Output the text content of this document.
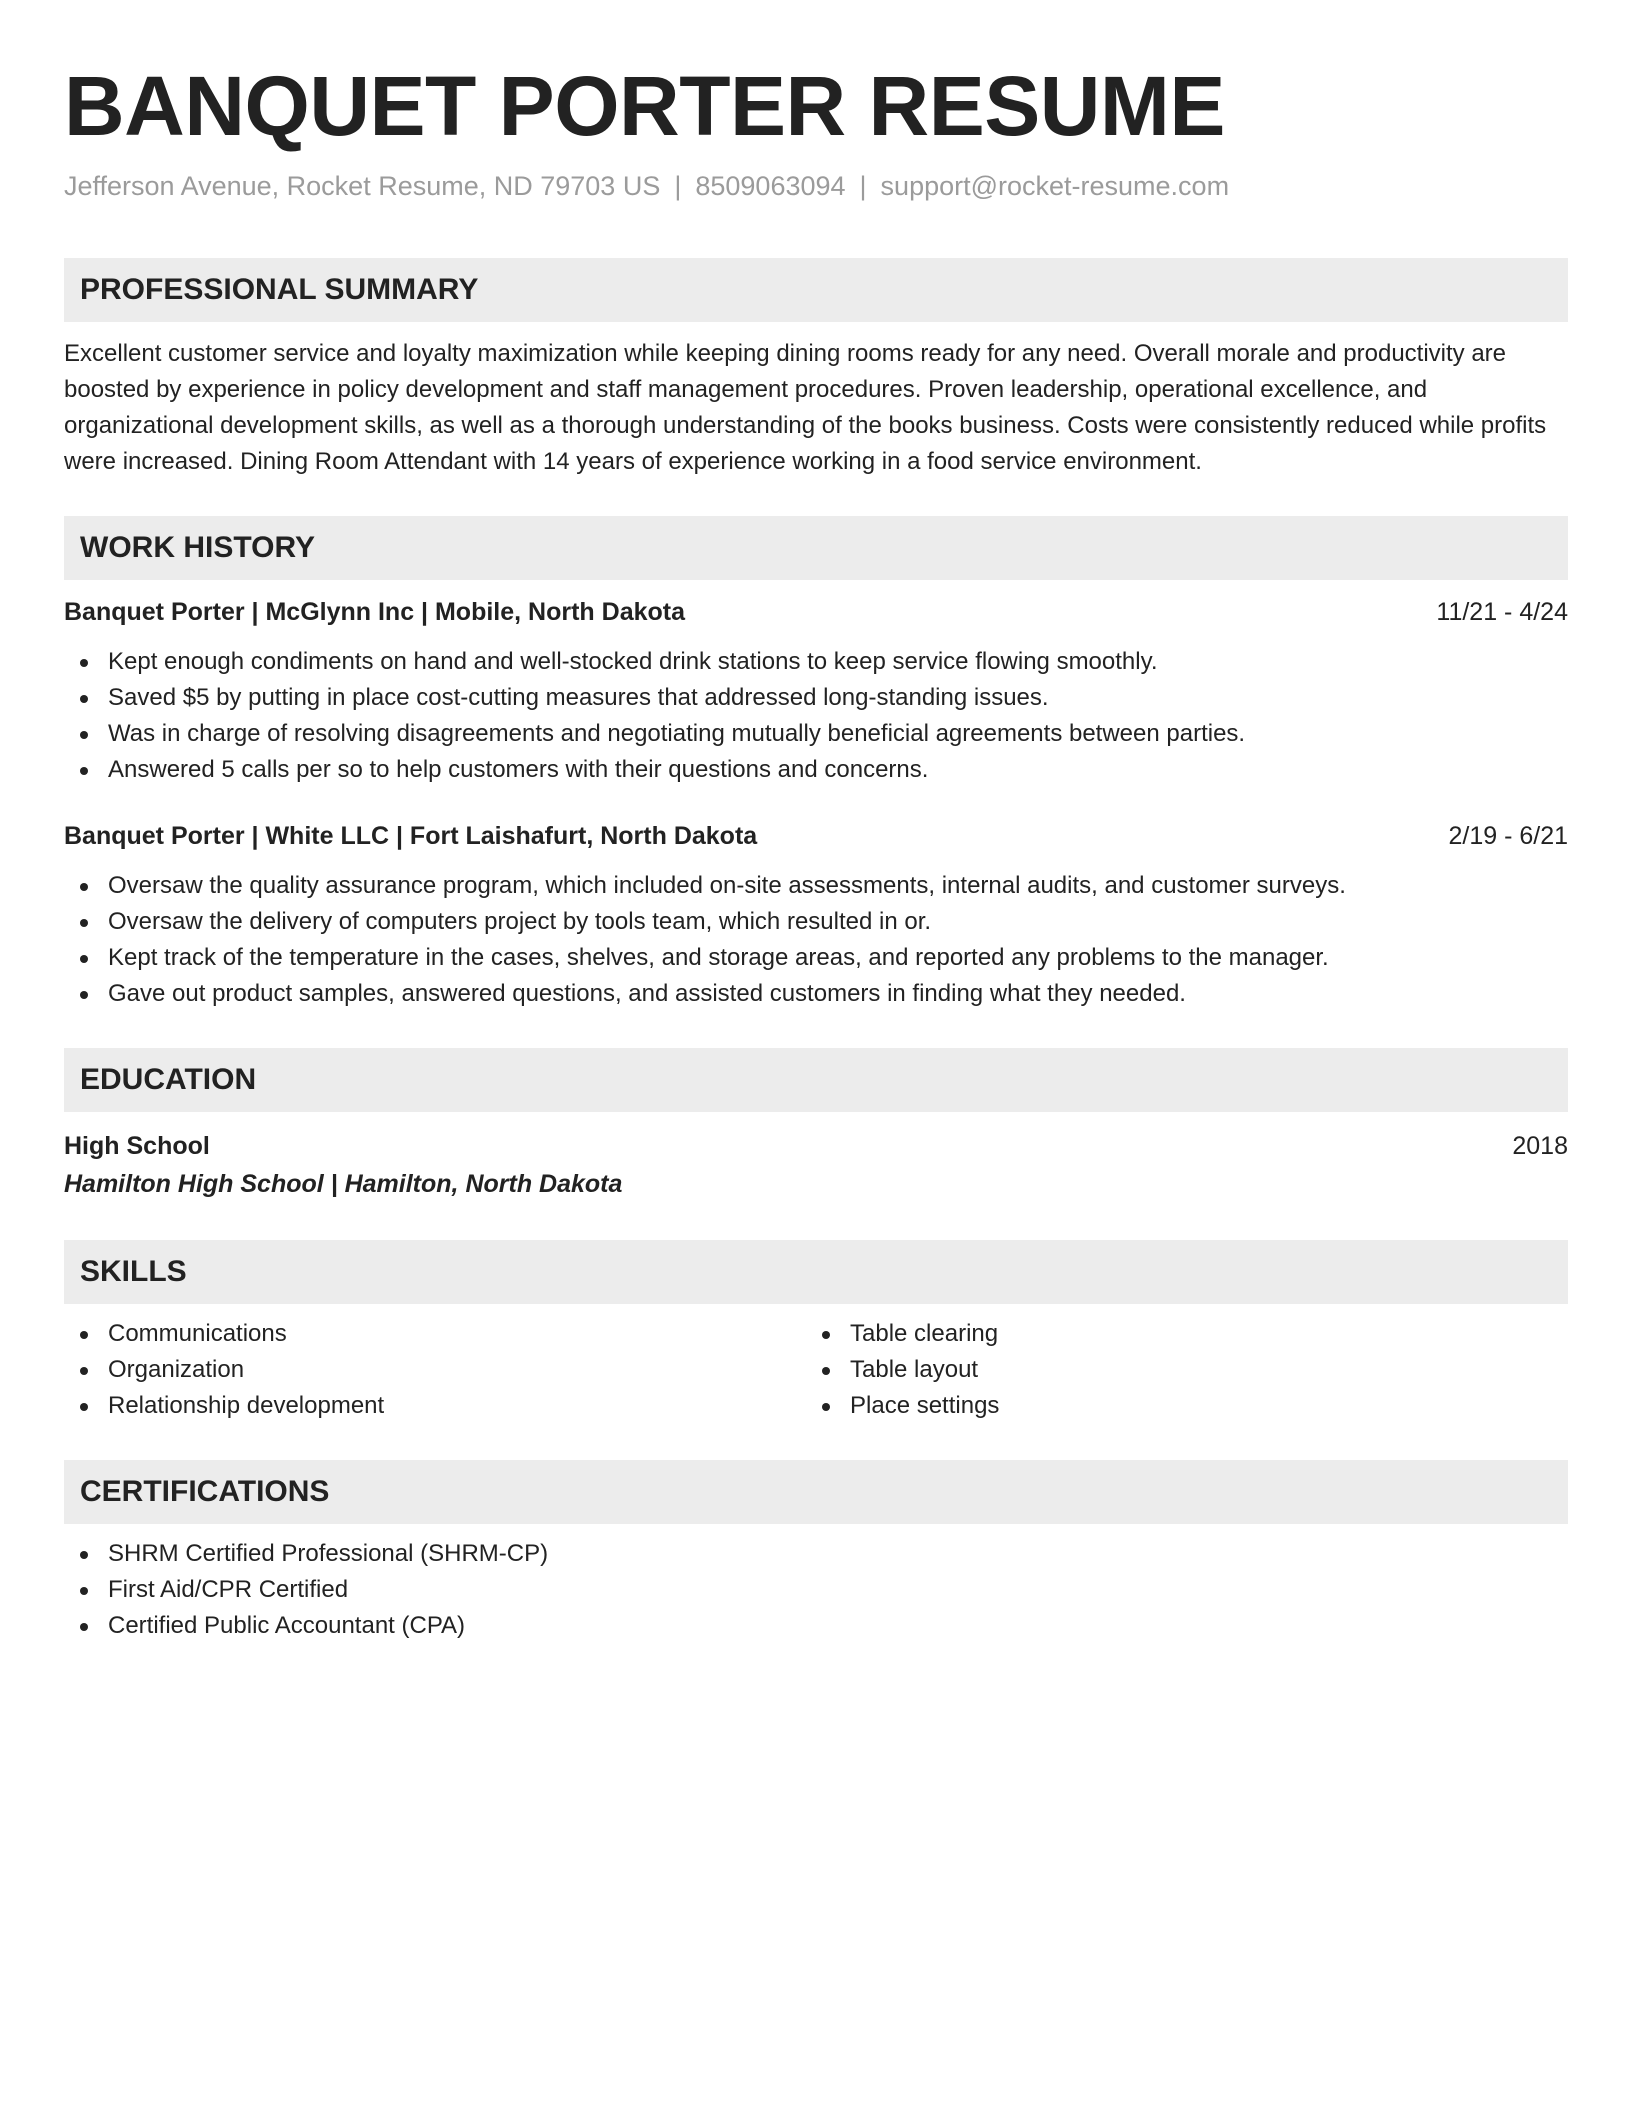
BANQUET PORTER RESUME
Jefferson Avenue, Rocket Resume, ND 79703 US | 8509063094 | support@rocket-resume.com
PROFESSIONAL SUMMARY
Excellent customer service and loyalty maximization while keeping dining rooms ready for any need. Overall morale and productivity are boosted by experience in policy development and staff management procedures. Proven leadership, operational excellence, and organizational development skills, as well as a thorough understanding of the books business. Costs were consistently reduced while profits were increased. Dining Room Attendant with 14 years of experience working in a food service environment.
WORK HISTORY
Banquet Porter | McGlynn Inc | Mobile, North Dakota	11/21 - 4/24
Kept enough condiments on hand and well-stocked drink stations to keep service flowing smoothly.
Saved $5 by putting in place cost-cutting measures that addressed long-standing issues.
Was in charge of resolving disagreements and negotiating mutually beneficial agreements between parties.
Answered 5 calls per so to help customers with their questions and concerns.
Banquet Porter | White LLC | Fort Laishafurt, North Dakota	2/19 - 6/21
Oversaw the quality assurance program, which included on-site assessments, internal audits, and customer surveys.
Oversaw the delivery of computers project by tools team, which resulted in or.
Kept track of the temperature in the cases, shelves, and storage areas, and reported any problems to the manager.
Gave out product samples, answered questions, and assisted customers in finding what they needed.
EDUCATION
High School	2018
Hamilton High School | Hamilton, North Dakota
SKILLS
Communications
Organization
Relationship development
Table clearing
Table layout
Place settings
CERTIFICATIONS
SHRM Certified Professional (SHRM-CP)
First Aid/CPR Certified
Certified Public Accountant (CPA)
